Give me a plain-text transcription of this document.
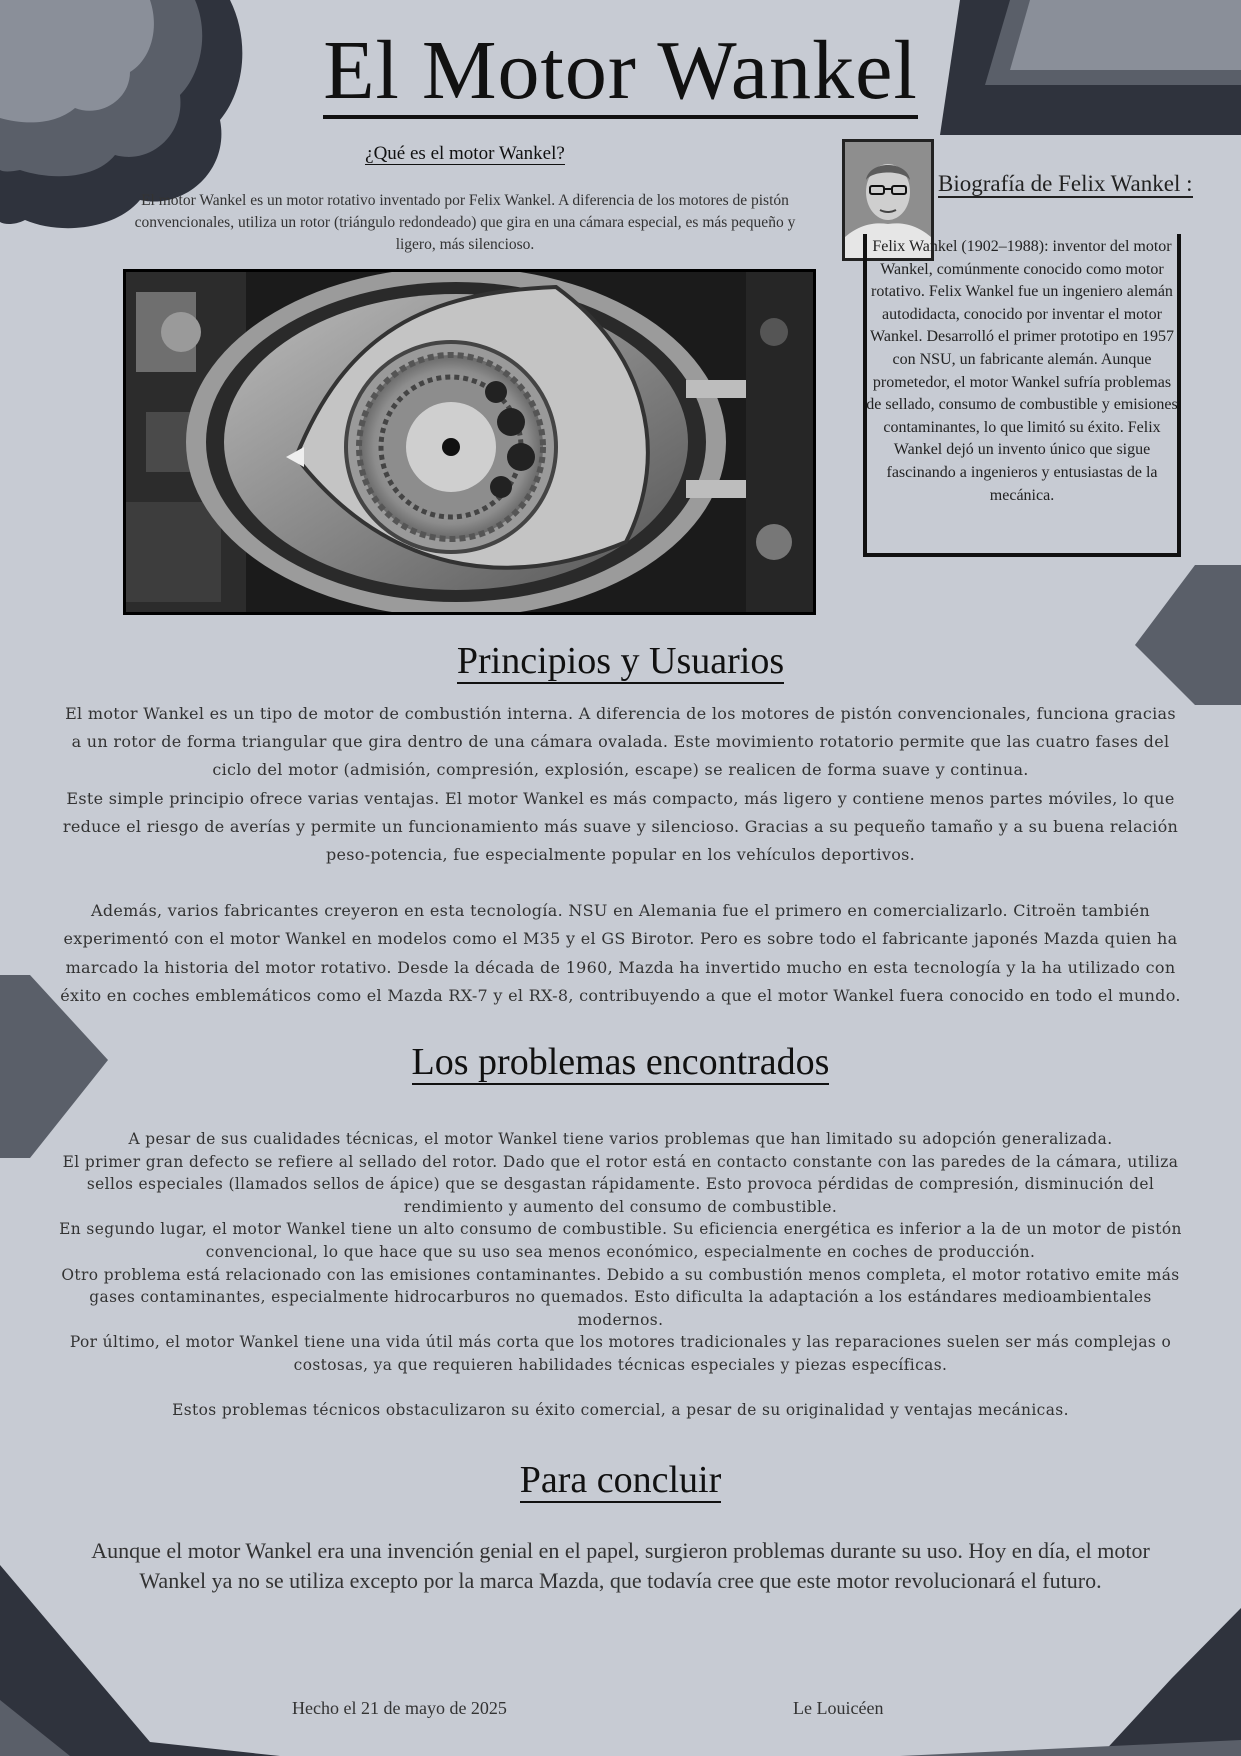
El Motor Wankel
¿Qué es el motor Wankel?
El motor Wankel es un motor rotativo inventado por Felix Wankel. A diferencia de los motores de pistón convencionales, utiliza un rotor (triángulo redondeado) que gira en una cámara especial, es más pequeño y ligero, más silencioso.
Biografía de Felix Wankel :
Felix Wankel (1902–1988): inventor del motor Wankel, comúnmente conocido como motor rotativo. Felix Wankel fue un ingeniero alemán autodidacta, conocido por inventar el motor Wankel. Desarrolló el primer prototipo en 1957 con NSU, un fabricante alemán. Aunque prometedor, el motor Wankel sufría problemas de sellado, consumo de combustible y emisiones contaminantes, lo que limitó su éxito. Felix Wankel dejó un invento único que sigue fascinando a ingenieros y entusiastas de la mecánica.
Principios y Usuarios

El motor Wankel es un tipo de motor de combustión interna. A diferencia de los motores de pistón convencionales, funciona gracias a un rotor de forma triangular que gira dentro de una cámara ovalada. Este movimiento rotatorio permite que las cuatro fases del ciclo del motor (admisión, compresión, explosión, escape) se realicen de forma suave y continua.

Este simple principio ofrece varias ventajas. El motor Wankel es más compacto, más ligero y contiene menos partes móviles, lo que reduce el riesgo de averías y permite un funcionamiento más suave y silencioso. Gracias a su pequeño tamaño y a su buena relación peso-potencia, fue especialmente popular en los vehículos deportivos.

Además, varios fabricantes creyeron en esta tecnología. NSU en Alemania fue el primero en comercializarlo. Citroën también experimentó con el motor Wankel en modelos como el M35 y el GS Birotor. Pero es sobre todo el fabricante japonés Mazda quien ha marcado la historia del motor rotativo. Desde la década de 1960, Mazda ha invertido mucho en esta tecnología y la ha utilizado con éxito en coches emblemáticos como el Mazda RX-7 y el RX-8, contribuyendo a que el motor Wankel fuera conocido en todo el mundo.

Los problemas encontrados

A pesar de sus cualidades técnicas, el motor Wankel tiene varios problemas que han limitado su adopción generalizada.

El primer gran defecto se refiere al sellado del rotor. Dado que el rotor está en contacto constante con las paredes de la cámara, utiliza sellos especiales (llamados sellos de ápice) que se desgastan rápidamente. Esto provoca pérdidas de compresión, disminución del rendimiento y aumento del consumo de combustible.

En segundo lugar, el motor Wankel tiene un alto consumo de combustible. Su eficiencia energética es inferior a la de un motor de pistón convencional, lo que hace que su uso sea menos económico, especialmente en coches de producción.

Otro problema está relacionado con las emisiones contaminantes. Debido a su combustión menos completa, el motor rotativo emite más gases contaminantes, especialmente hidrocarburos no quemados. Esto dificulta la adaptación a los estándares medioambientales modernos.

Por último, el motor Wankel tiene una vida útil más corta que los motores tradicionales y las reparaciones suelen ser más complejas o costosas, ya que requieren habilidades técnicas especiales y piezas específicas.

Estos problemas técnicos obstaculizaron su éxito comercial, a pesar de su originalidad y ventajas mecánicas.

Para concluir
Aunque el motor Wankel era una invención genial en el papel, surgieron problemas durante su uso. Hoy en día, el motor Wankel ya no se utiliza excepto por la marca Mazda, que todavía cree que este motor revolucionará el futuro.
Hecho el 21 de mayo de 2025	Le Louicéen
